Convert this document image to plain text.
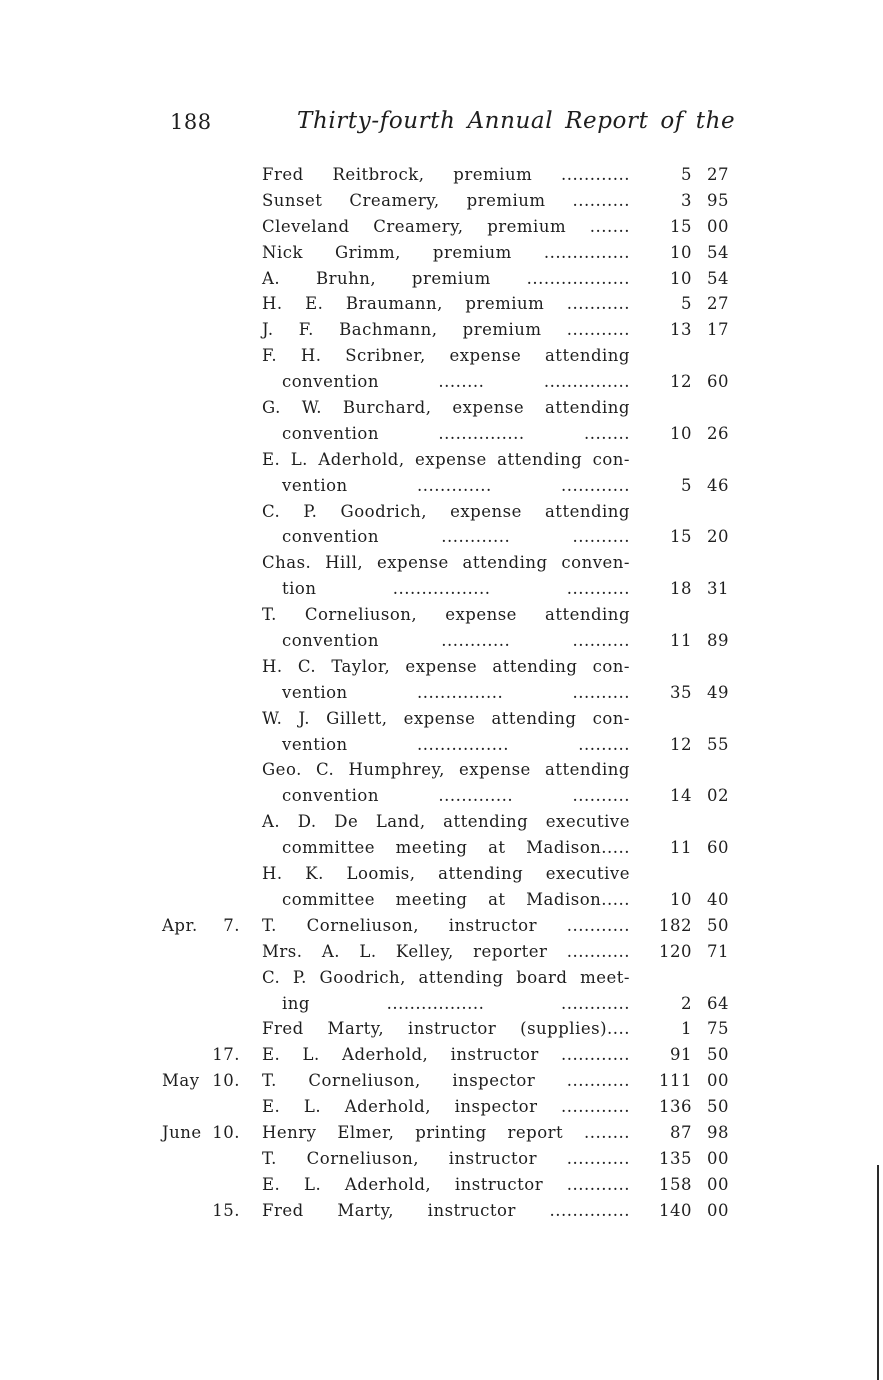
188	Thirty-fourth Annual Report of the
Fred Reitbrock, premium ............	5 27
Sunset Creamery, premium ..........	3 95
Cleveland Creamery, premium ....... 15 00
Nick Grimm, premium ............... 10 54
A. Bruhn, premium .................. 10 54
H. E. Braumann, premium ...........	5 27
J. F. Bachmann, premium ........... 13 17
F. H. Scribner, expense attending
convention ........ ............... 12 60
G. W. Burchard, expense attending
convention ............... ........ 10 26
E. L. Aderhold, expense attending con-
vention ............. ............	5 46
C. P. Goodrich, expense attending
convention ............ .......... 15 20
Chas. Hill, expense attending conven-
tion ................. ........... 18 31
T. Corneliuson, expense attending
convention ............ .......... 11 89
H. C. Taylor, expense attending con-
vention ............... .......... 35 49
W. J. Gillett, expense attending con-
vention ................ ......... 12 55
Geo. C. Humphrey, expense attending
convention ............. .......... 14 02
A. D. De Land, attending executive
committee meeting at Madison..... 11 60
H. K. Loomis, attending executive
committee meeting at Madison..... 10 40
Apr. 7. T. Corneliuson, instructor ........... 182 50
Mrs. A. L. Kelley, reporter ........... 120 71
C. P. Goodrich, attending board meet-
ing ................. ............	2 64
Fred Marty, instructor (supplies)....	1 75
17. E. L. Aderhold, instructor ............ 91 50
May 10. T. Corneliuson, inspector ........... 111 00
E. L. Aderhold, inspector ............ 136 50
June 10. Henry Elmer, printing report ........ 87 98
T. Corneliuson, instructor ........... 135 00
E. L. Aderhold, instructor ........... 158 00
15. Fred Marty, instructor .............. 140 00
